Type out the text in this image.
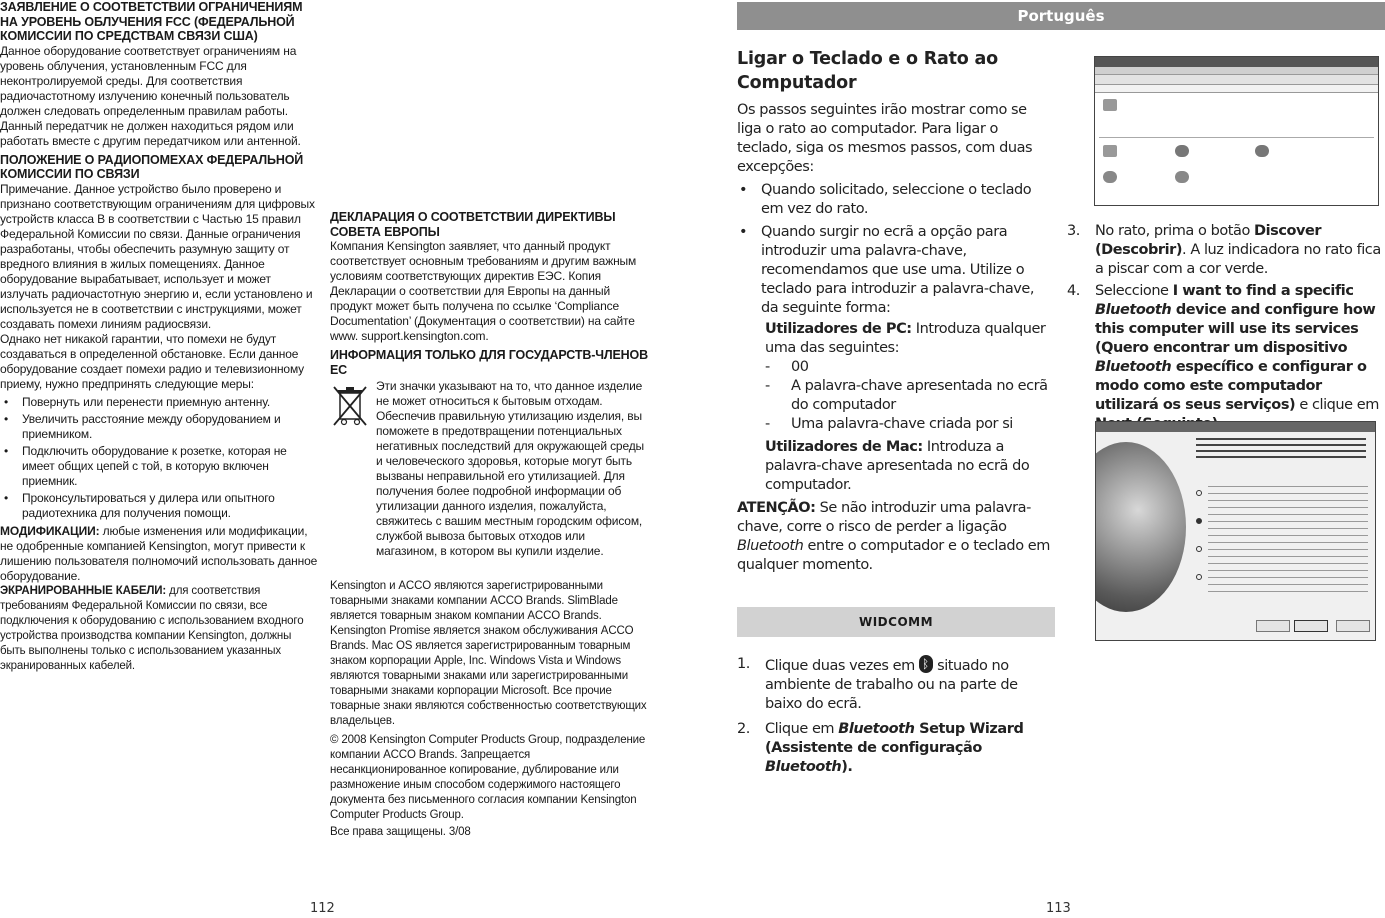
ЗАЯВЛЕНИЕ О СООТВЕТСТВИИ ОГРАНИЧЕНИЯМ НА УРОВЕНЬ ОБЛУЧЕНИЯ FCC (ФЕДЕРАЛЬНОЙ КОМИССИИ ПО СРЕДСТВАМ СВЯЗИ США)

Данное оборудование соответствует ограничениям на уровень облучения, установленным FCC для неконтролируемой среды. Для соответствия радиочастотному излучению конечный пользователь должен следовать определенным правилам работы. Данный передатчик не должен находиться рядом или работать вместе с другим передатчиком или антенной.

ПОЛОЖЕНИЕ О РАДИОПОМЕХАХ ФЕДЕРАЛЬНОЙ КОМИССИИ ПО СВЯЗИ

Примечание. Данное устройство было проверено и признано соответствующим ограничениям для цифровых устройств класса В в соответствии с Частью 15 правил Федеральной Комиссии по связи. Данные ограничения разработаны, чтобы обеспечить разумную защиту от вредного влияния в жилых помещениях. Данное оборудование вырабатывает, использует и может излучать радиочастотную энергию и, если установлено и используется не в соответствии с инструкциями, может создавать помехи линиям радиосвязи.

Однако нет никакой гарантии, что помехи не будут создаваться в определенной обстановке. Если данное оборудование создает помехи радио и телевизионному приему, нужно предпринять следующие меры:

• Повернуть или перенести приемную антенну.
• Увеличить расстояние между оборудованием и приемником.
• Подключить оборудование к розетке, которая не имеет общих цепей с той, в которую включен приемник.
• Проконсультироваться у дилера или опытного радиотехника для получения помощи.

МОДИФИКАЦИИ: любые изменения или модификации, не одобренные компанией Kensington, могут привести к лишению пользователя полномочий использовать данное оборудование.

ЭКРАНИРОВАННЫЕ КАБЕЛИ: для соответствия требованиям Федеральной Комиссии по связи, все подключения к оборудованию с использованием входного устройства производства компании Kensington, должны быть выполнены только с использованием указанных экранированных кабелей.

ДЕКЛАРАЦИЯ О СООТВЕТСТВИИ ДИРЕКТИВЫ СОВЕТА ЕВРОПЫ

Компания Kensington заявляет, что данный продукт соответствует основным требованиям и другим важным условиям соответствующих директив ЕЭС. Копия Декларации о соответствии для Европы на данный продукт может быть получена по ссылке ‘Compliance Documentation’ (Документация о соответствии) на сайте www. support.kensington.com.

ИНФОРМАЦИЯ ТОЛЬКО ДЛЯ ГОСУДАРСТВ-ЧЛЕНОВ ЕС

Эти значки указывают на то, что данное изделие не может относиться к бытовым отходам. Обеспечив правильную утилизацию изделия, вы поможете в предотвращении потенциальных негативных последствий для окружающей среды и человеческого здоровья, которые могут быть вызваны неправильной его утилизацией. Для получения более подробной информации об утилизации данного изделия, пожалуйста, свяжитесь с вашим местным городским офисом, службой вывоза бытовых отходов или магазином, в котором вы купили изделие.

Kensington и ACCO являются зарегистрированными товарными знаками компании ACCO Brands. SlimBlade является товарным знаком компании ACCO Brands. Kensington Promise является знаком обслуживания ACCO Brands. Mac OS является зарегистрированным товарным знаком корпорации Apple, Inc. Windows Vista и Windows являются товарными знаками или зарегистрированными товарными знаками корпорации Microsoft. Все прочие товарные знаки являются собственностью соответствующих владельцев.

© 2008 Kensington Computer Products Group, подразделение компании ACCO Brands. Запрещается несанкционированное копирование, дублирование или размножение иным способом содержимого настоящего документа без письменного согласия компании Kensington Computer Products Group.

Все права защищены. 3/08

112
Português
Ligar o Teclado e o Rato ao Computador

Os passos seguintes irão mostrar como se liga o rato ao computador. Para ligar o teclado, siga os mesmos passos, com duas excepções:

• Quando solicitado, seleccione o teclado em vez do rato.

• Quando surgir no ecrã a opção para introduzir uma palavra-chave, recomendamos que use uma. Utilize o teclado para introduzir a palavra-chave, da seguinte forma:

Utilizadores de PC: Introduza qualquer uma das seguintes:

- 00

- A palavra-chave apresentada no ecrã do computador

- Uma palavra-chave criada por si

Utilizadores de Mac: Introduza a palavra-chave apresentada no ecrã do computador.

ATENÇÃO: Se não introduzir uma palavra-chave, corre o risco de perder a ligação Bluetooth entre o computador e o teclado em qualquer momento.

WIDCOMM

1. Clique duas vezes em ᛒ situado no ambiente de trabalho ou na parte de baixo do ecrã.

2. Clique em Bluetooth Setup Wizard (Assistente de configuração Bluetooth).

3. No rato, prima o botão Discover (Descobrir). A luz indicadora no rato fica a piscar com a cor verde.

4. Seleccione I want to find a specific Bluetooth device and configure how this computer will use its services (Quero encontrar um dispositivo Bluetooth específico e configurar o modo como este computador utilizará os seus serviços) e clique em

113
